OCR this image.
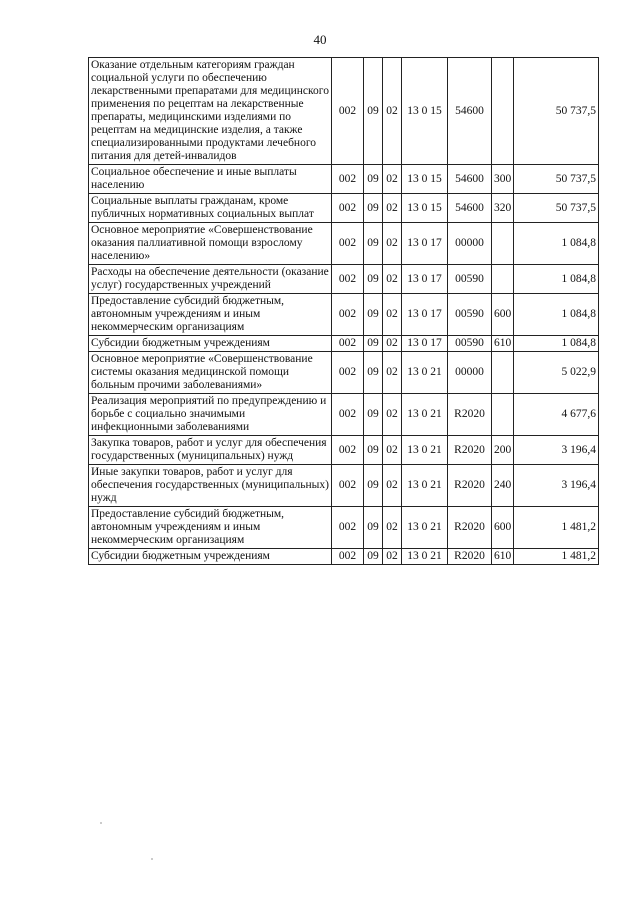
40
Оказание отдельным категориям граждан социальной услуги по обеспечению лекарственными препаратами для медицинского применения по рецептам на лекарственные препараты, медицинскими изделиями по рецептам на медицинские изделия, а также специализированными продуктами лечебного питания для детей-инвалидов	002	09	02	13 0 15	54600		50 737,5
Социальное обеспечение и иные выплаты населению	002	09	02	13 0 15	54600	300	50 737,5
Социальные выплаты гражданам, кроме публичных нормативных социальных выплат	002	09	02	13 0 15	54600	320	50 737,5
Основное мероприятие «Совершенствование оказания паллиативной помощи взрослому населению»	002	09	02	13 0 17	00000		1 084,8
Расходы на обеспечение деятельности (оказание услуг) государственных учреждений	002	09	02	13 0 17	00590		1 084,8
Предоставление субсидий бюджетным, автономным учреждениям и иным некоммерческим организациям	002	09	02	13 0 17	00590	600	1 084,8
Субсидии бюджетным учреждениям	002	09	02	13 0 17	00590	610	1 084,8
Основное мероприятие «Совершенствование системы оказания медицинской помощи больным прочими заболеваниями»	002	09	02	13 0 21	00000		5 022,9
Реализация мероприятий по предупреждению и борьбе с социально значимыми инфекционными заболеваниями	002	09	02	13 0 21	R2020		4 677,6
Закупка товаров, работ и услуг для обеспечения государственных (муниципальных) нужд	002	09	02	13 0 21	R2020	200	3 196,4
Иные закупки товаров, работ и услуг для обеспечения государственных (муниципальных) нужд	002	09	02	13 0 21	R2020	240	3 196,4
Предоставление субсидий бюджетным, автономным учреждениям и иным некоммерческим организациям	002	09	02	13 0 21	R2020	600	1 481,2
Субсидии бюджетным учреждениям	002	09	02	13 0 21	R2020	610	1 481,2
